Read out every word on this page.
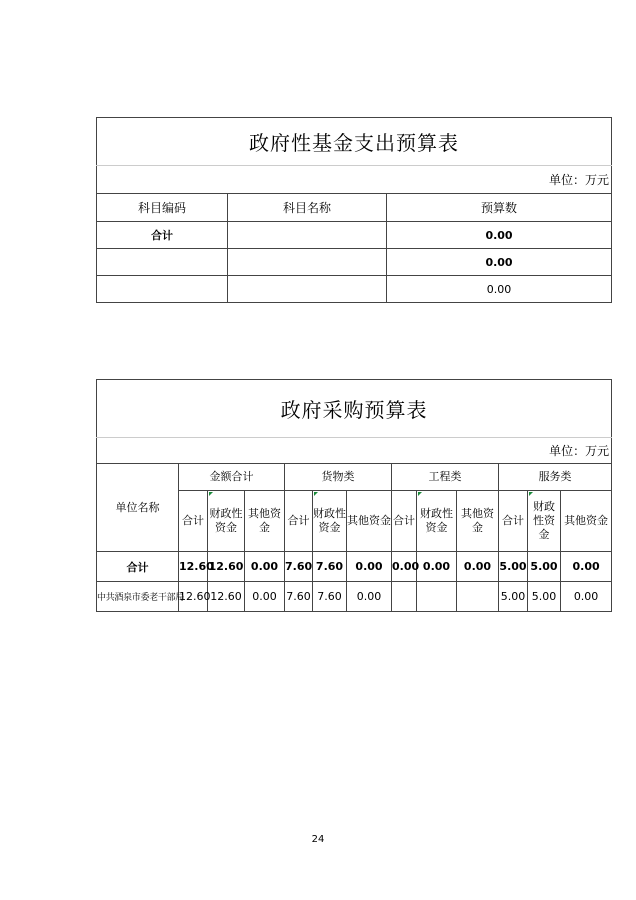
政府性基金支出预算表		
单位：万元		
科目编码	科目名称	预算数
合计		0.00
		0.00
		0.00
政府采购预算表												
单位：万元												
单位名称	金额合计			货物类			工程类			服务类		
	合计	财政性资金	其他资金	合计	财政性资金	其他资金	合计	财政性资金	其他资金	合计	财政性资金	其他资金
合计	12.60	12.60	0.00	7.60	7.60	0.00	0.00	0.00	0.00	5.00	5.00	0.00
中共酒泉市委老干部局	12.60	12.60	0.00	7.60	7.60	0.00				5.00	5.00	0.00
24
